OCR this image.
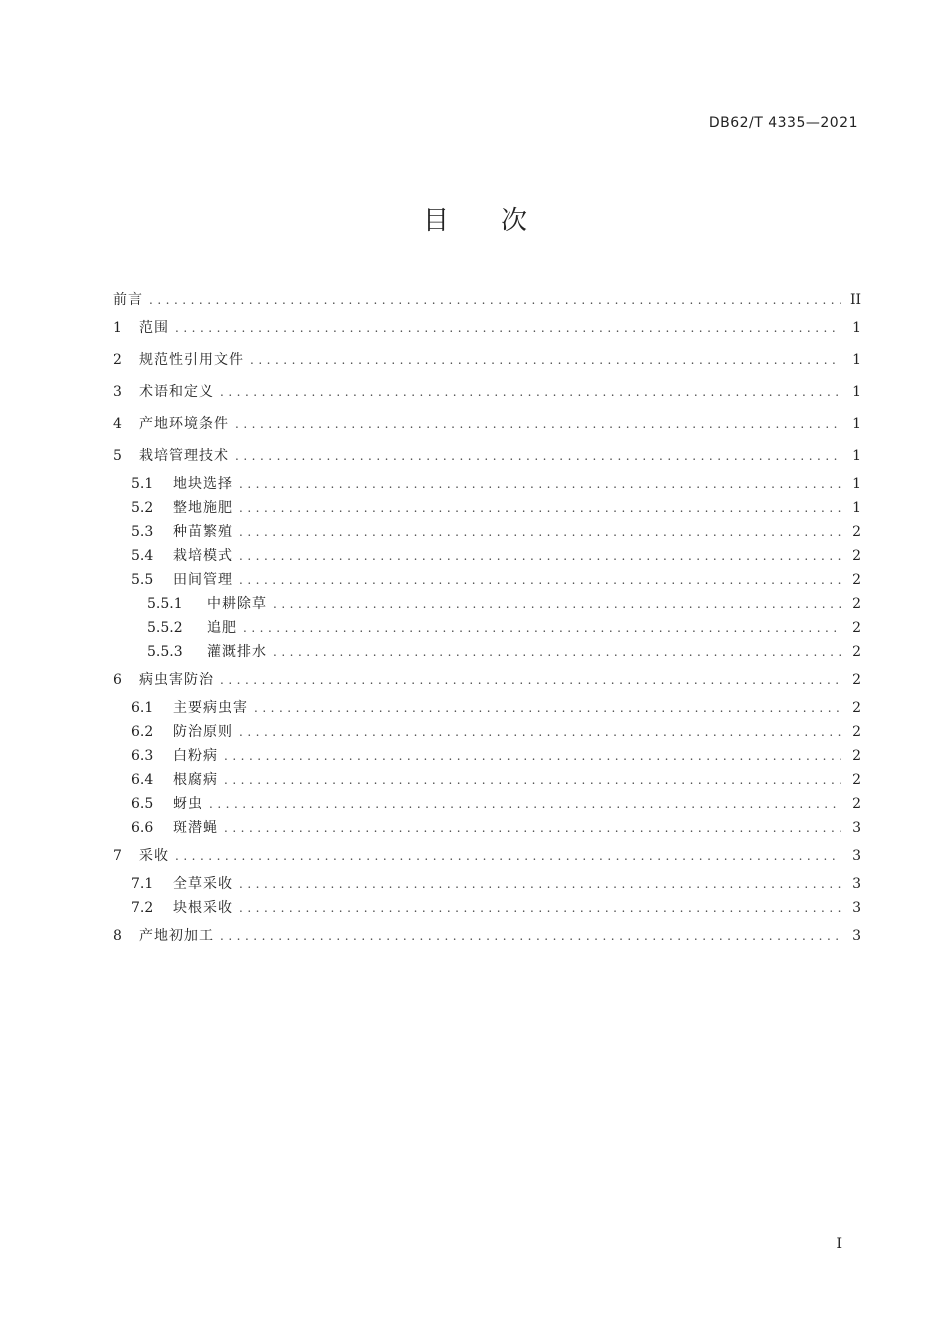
DB62/T 4335—2021
目次
前言 .....	II
1	范围 .....	1
2	规范性引用文件 .....	1
3	术语和定义 .....	1
4	产地环境条件 .....	1
5	栽培管理技术 .....	1
5.1	地块选择 .....	1
5.2	整地施肥 .....	1
5.3	种苗繁殖 .....	2
5.4	栽培模式 .....	2
5.5	田间管理 .....	2
5.5.1	中耕除草 .....	2
5.5.2	追肥 .....	2
5.5.3	灌溉排水 .....	2
6	病虫害防治 .....	2
6.1	主要病虫害 .....	2
6.2	防治原则 .....	2
6.3	白粉病 .....	2
6.4	根腐病 .....	2
6.5	蚜虫 .....	2
6.6	斑潜蝇 .....	3
7	采收 .....	3
7.1	全草采收 .....	3
7.2	块根采收 .....	3
8	产地初加工 .....	3
I
